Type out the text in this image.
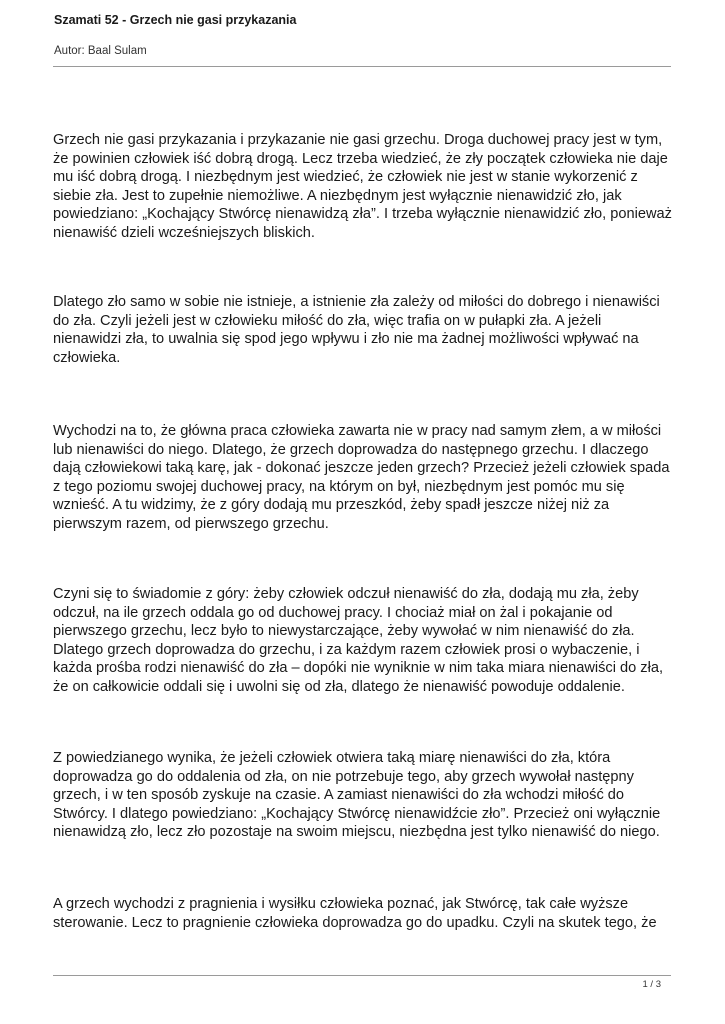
Szamati 52 - Grzech nie gasi przykazania
Autor: Baal Sulam

Grzech nie gasi przykazania i przykazanie nie gasi grzechu. Droga duchowej pracy jest w tym, że powinien człowiek iść dobrą drogą. Lecz trzeba wiedzieć, że zły początek człowieka nie daje mu iść dobrą drogą. I niezbędnym jest wiedzieć, że człowiek nie jest w stanie wykorzenić z siebie zła. Jest to zupełnie niemożliwe. A niezbędnym jest wyłącznie nienawidzić zło, jak powiedziano: „Kochający Stwórcę nienawidzą zła”. I trzeba wyłącznie nienawidzić zło, ponieważ nienawiść dzieli wcześniejszych bliskich.

Dlatego zło samo w sobie nie istnieje, a istnienie zła zależy od miłości do dobrego i nienawiści do zła. Czyli jeżeli jest w człowieku miłość do zła, więc trafia on w pułapki zła. A jeżeli nienawidzi zła, to uwalnia się spod jego wpływu i zło nie ma żadnej możliwości wpływać na człowieka.

Wychodzi na to, że główna praca człowieka zawarta nie w pracy nad samym złem, a w miłości lub nienawiści do niego. Dlatego, że grzech doprowadza do następnego grzechu. I dlaczego dają człowiekowi taką karę, jak - dokonać jeszcze jeden grzech? Przecież jeżeli człowiek spada z tego poziomu swojej duchowej pracy, na którym on był, niezbędnym jest pomóc mu się wznieść. A tu widzimy, że z góry dodają mu przeszkód, żeby spadł jeszcze niżej niż za pierwszym razem, od pierwszego grzechu.

Czyni się to świadomie z góry: żeby człowiek odczuł nienawiść do zła, dodają mu zła, żeby odczuł, na ile grzech oddala go od duchowej pracy. I chociaż miał on żal i pokajanie od pierwszego grzechu, lecz było to niewystarczające, żeby wywołać w nim nienawiść do zła. Dlatego grzech doprowadza do grzechu, i za każdym razem człowiek prosi o wybaczenie, i każda prośba rodzi nienawiść do zła – dopóki nie wyniknie w nim taka miara nienawiści do zła, że on całkowicie oddali się i uwolni się od zła, dlatego że nienawiść powoduje oddalenie.

Z powiedzianego wynika, że jeżeli człowiek otwiera taką miarę nienawiści do zła, która doprowadza go do oddalenia od zła, on nie potrzebuje tego, aby grzech wywołał następny grzech, i w ten sposób zyskuje na czasie. A zamiast nienawiści do zła wchodzi miłość do Stwórcy. I dlatego powiedziano: „Kochający Stwórcę nienawidźcie zło”. Przecież oni wyłącznie nienawidzą zło, lecz zło pozostaje na swoim miejscu, niezbędna jest tylko nienawiść do niego.

A grzech wychodzi z pragnienia i wysiłku człowieka poznać, jak Stwórcę, tak całe wyższe sterowanie. Lecz to pragnienie człowieka doprowadza go do upadku. Czyli na skutek tego, że

1 / 3
